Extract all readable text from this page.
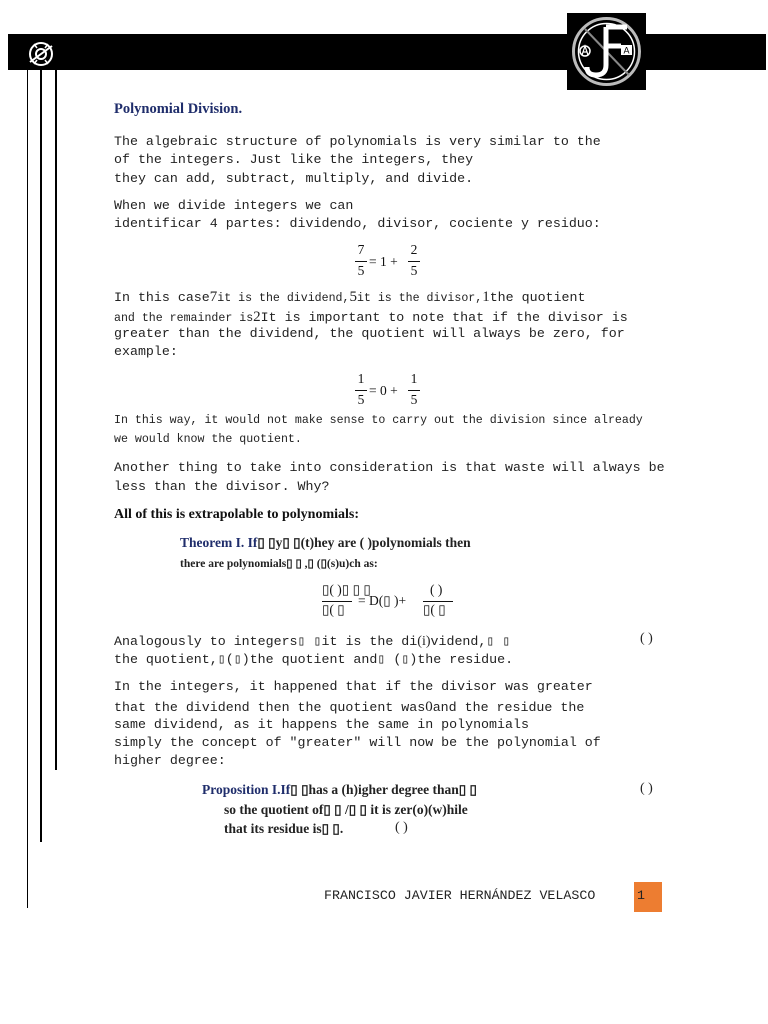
A
Polynomial Division.
The algebraic structure of polynomials is very similar to the
of the integers. Just like the integers, they
they can add, subtract, multiply, and divide.
When we divide integers we can
identificar 4 partes: dividendo, divisor, cociente y residuo:
7
5
= 1 +
2
5
In this case7it is the dividend,5it is the divisor,1the quotient
and the remainder is2It is important to note that if the divisor is
greater than the dividend, the quotient will always be zero, for
example:
1
5
= 0 +
1
5
In this way, it would not make sense to carry out the division since already
we would know the quotient.
Another thing to take into consideration is that waste will always be
less than the divisor. Why?
All of this is extrapolable to polynomials:
Theorem I. If▯ ▯y▯ ▯(t)hey are ( )polynomials then
there are polynomials▯ ▯ ,▯ (▯(s)u)ch as:
▯( )▯ ▯ ▯
▯( ▯
= D(▯ )+
( )
▯( ▯
Analogously to integers▯ ▯it is the di(i)vidend,▯ ▯	( )
the quotient,▯(▯)the quotient and▯ (▯)the residue.
In the integers, it happened that if the divisor was greater
that the dividend then the quotient was0and the residue the
same dividend, as it happens the same in polynomials
simply the concept of "greater" will now be the polynomial of
higher degree:
Proposition I.If▯ ▯has a (h)igher degree than▯ ▯	( )
so the quotient of▯ ▯ /▯ ▯ it is zer(o)(w)hile
that its residue is▯ ▯.	( )
FRANCISCO JAVIER HERNÁNDEZ VELASCO	1
